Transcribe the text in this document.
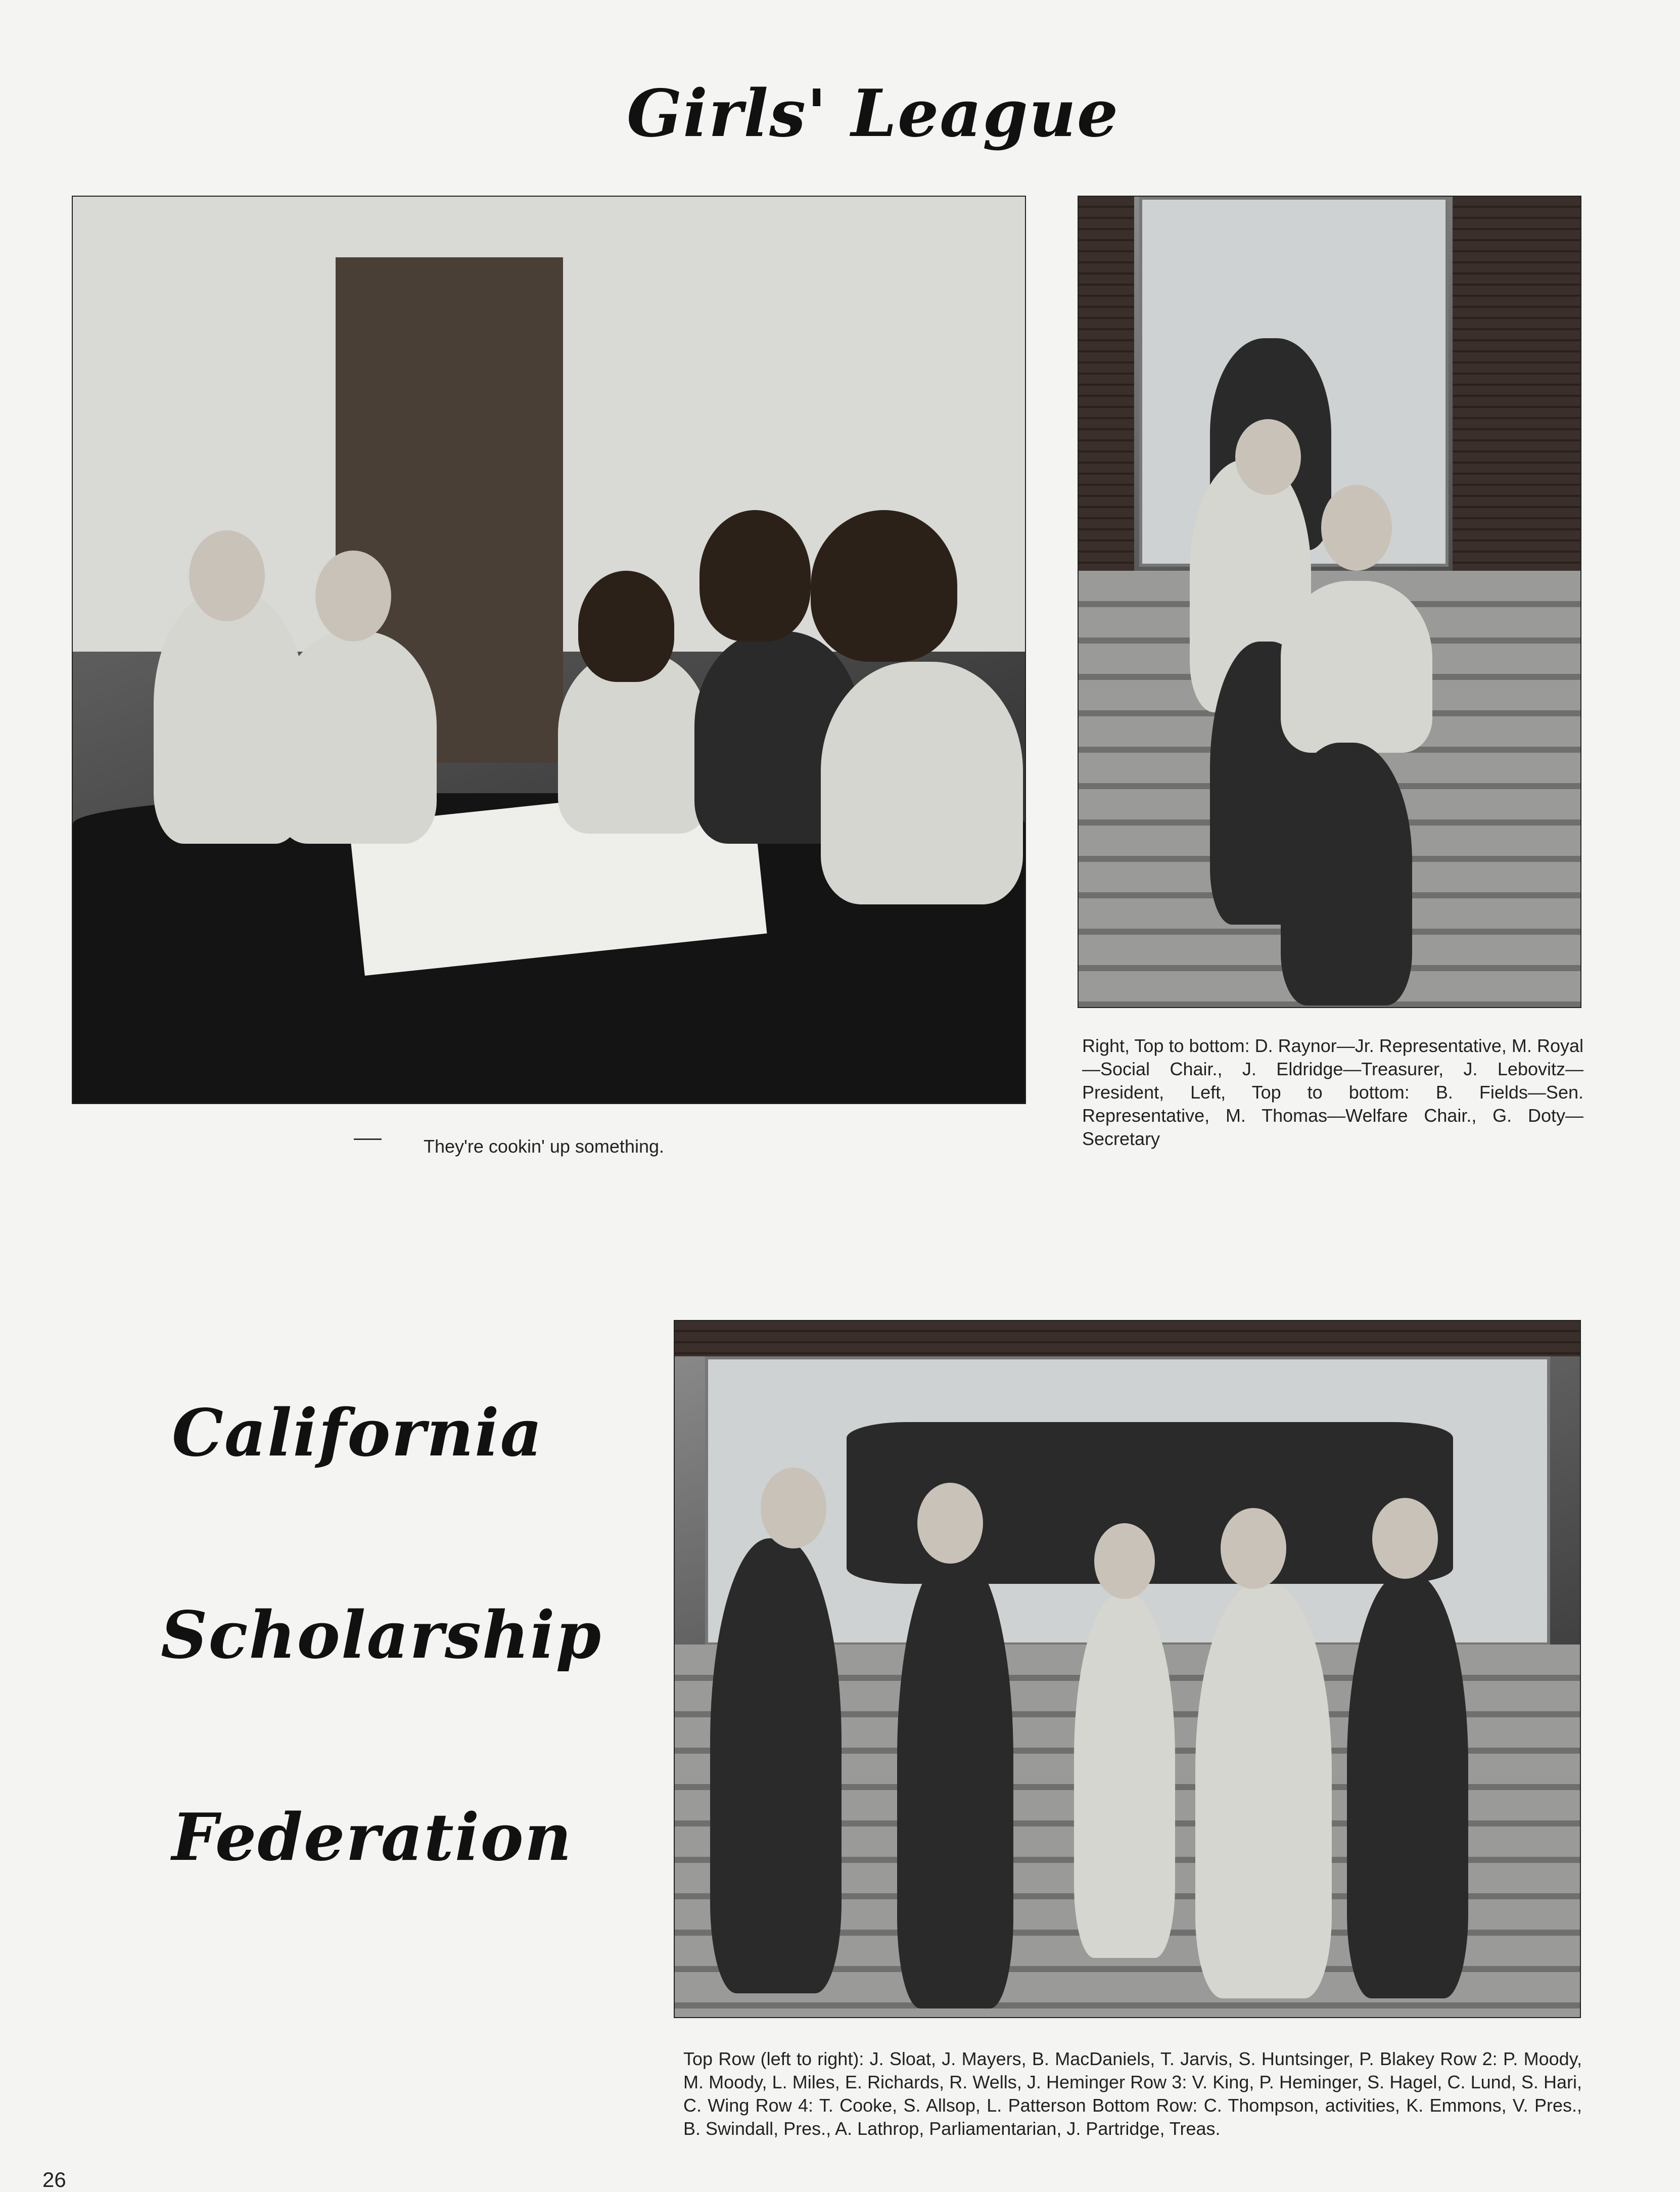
Girls' League
They're cookin' up something.
Right, Top to bottom: D. Raynor—Jr. Representative, M. Royal—Social Chair., J. Eldridge—Treasurer, J. Lebovitz—President, Left, Top to bottom: B. Fields—Sen. Representative, M. Thomas—Welfare Chair., G. Doty—Secretary
California
Scholarship
Federation
Top Row (left to right): J. Sloat, J. Mayers, B. MacDaniels, T. Jarvis, S. Huntsinger, P. Blakey Row 2: P. Moody, M. Moody, L. Miles, E. Richards, R. Wells, J. Heminger Row 3: V. King, P. Heminger, S. Hagel, C. Lund, S. Hari, C. Wing Row 4: T. Cooke, S. Allsop, L. Patterson Bottom Row: C. Thompson, activities, K. Emmons, V. Pres., B. Swindall, Pres., A. Lathrop, Parliamentarian, J. Partridge, Treas.
26
